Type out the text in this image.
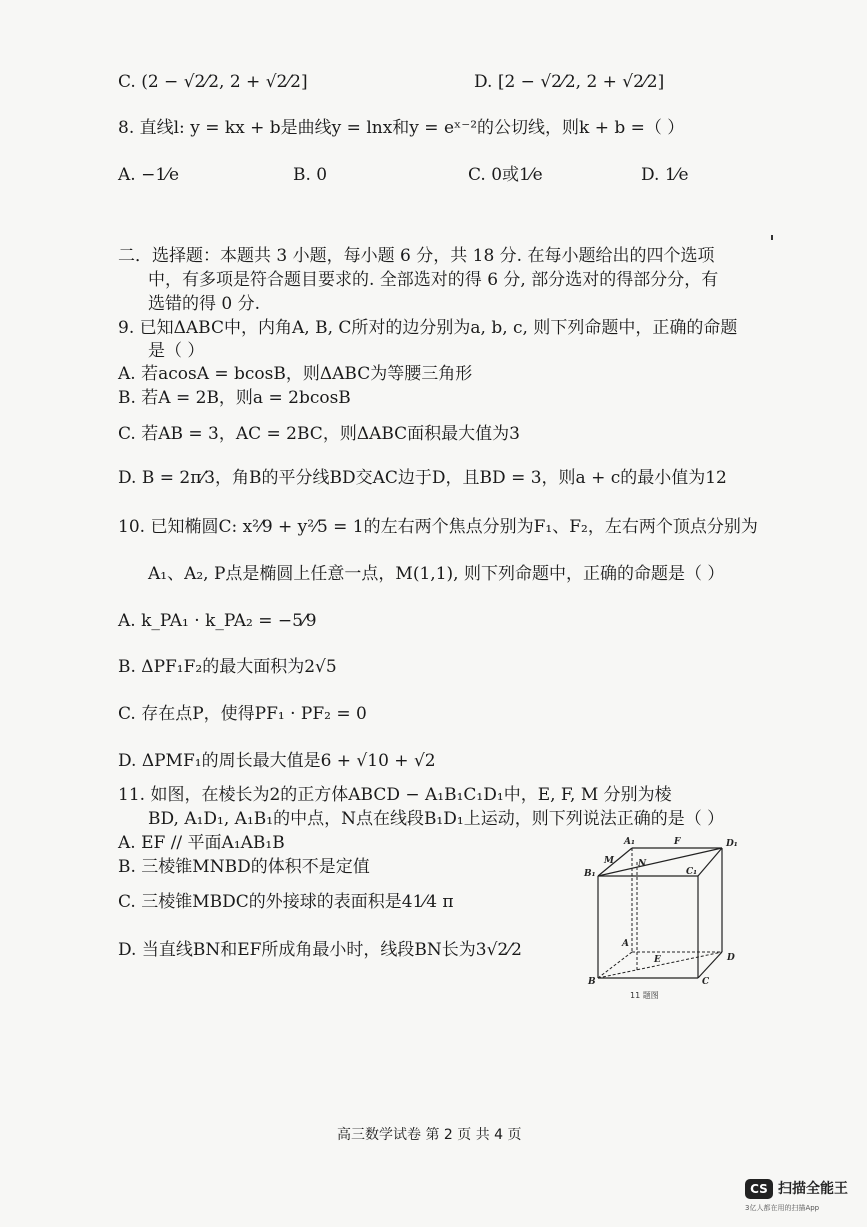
C. (2 − √2⁄2, 2 + √2⁄2]	D. [2 − √2⁄2, 2 + √2⁄2]
8. 直线l: y = kx + b是曲线y = lnx和y = eˣ⁻²的公切线，则k + b =（ ）
A. −1⁄e	B. 0	C. 0或1⁄e	D. 1⁄e
二．选择题：本题共 3 小题，每小题 6 分，共 18 分. 在每小题给出的四个选项
中，有多项是符合题目要求的. 全部选对的得 6 分, 部分选对的得部分分，有
选错的得 0 分.
9. 已知ΔABC中，内角A, B, C所对的边分别为a, b, c, 则下列命题中，正确的命题
是（ ）
A. 若acosA = bcosB，则ΔABC为等腰三角形
B. 若A = 2B，则a = 2bcosB
C. 若AB = 3，AC = 2BC，则ΔABC面积最大值为3
D. B = 2π⁄3，角B的平分线BD交AC边于D，且BD = 3，则a + c的最小值为12
10. 已知椭圆C: x²⁄9 + y²⁄5 = 1的左右两个焦点分别为F₁、F₂，左右两个顶点分别为
A₁、A₂, P点是椭圆上任意一点，M(1,1), 则下列命题中，正确的命题是（ ）
A. k_PA₁ · k_PA₂ = −5⁄9
B. ΔPF₁F₂的最大面积为2√5
C. 存在点P，使得PF₁ · PF₂ = 0
D. ΔPMF₁的周长最大值是6 + √10 + √2
11. 如图，在棱长为2的正方体ABCD − A₁B₁C₁D₁中，E, F, M 分别为棱
BD, A₁D₁, A₁B₁的中点，N点在线段B₁D₁上运动，则下列说法正确的是（ ）
A. EF // 平面A₁AB₁B
B. 三棱锥MNBD的体积不是定值
C. 三棱锥MBDC的外接球的表面积是41⁄4 π
D. 当直线BN和EF所成角最小时，线段BN长为3√2⁄2
A₁	F	D₁
M	N
B₁	C₁
A
E	D
B	C
11 题图
高三数学试卷 第 2 页 共 4 页
CS 扫描全能王
3亿人都在用的扫描App
